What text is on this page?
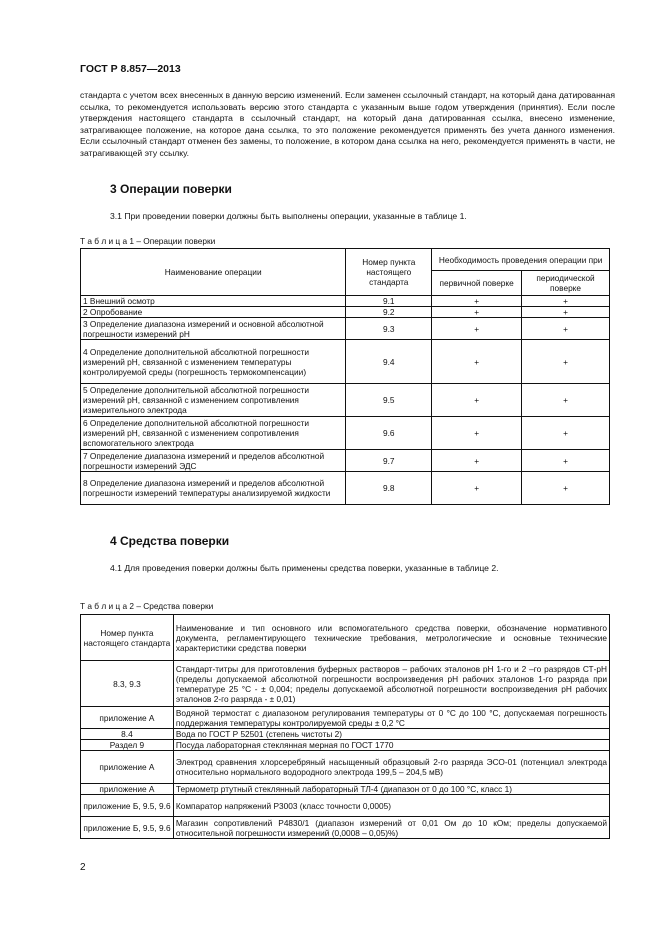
ГОСТ Р 8.857—2013
стандарта с учетом всех внесенных в данную версию изменений. Если заменен ссылочный стандарт, на который дана датированная ссылка, то рекомендуется использовать версию этого стандарта с указанным выше годом утверждения (принятия). Если после утверждения настоящего стандарта в ссылочный стандарт, на который дана датированная ссылка, внесено изменение, затрагивающее положение, на которое дана ссылка, то это положение рекомендуется применять без учета данного изменения. Если ссылочный стандарт отменен без замены, то положение, в котором дана ссылка на него, рекомендуется применять в части, не затрагивающей эту ссылку.
3 Операции поверки
3.1 При проведении поверки должны быть выполнены операции, указанные в таблице 1.
Т а б л и ц а 1 – Операции поверки
Наименование операции	Номер пункта настоящего стандарта	Необходимость проведения операции при	
		первичной поверке	периодической поверке
1 Внешний осмотр	9.1	+	+
2 Опробование	9.2	+	+
3 Определение диапазона измерений и основной абсолютной погрешности измерений рН	9.3	+	+
4 Определение дополнительной абсолютной погрешности измерений рН, связанной с изменением температуры контролируемой среды (погрешность термокомпенсации)	9.4	+	+
5 Определение дополнительной абсолютной погрешности измерений рН, связанной с изменением сопротивления измерительного электрода	9.5	+	+
6 Определение дополнительной абсолютной погрешности измерений рН, связанной с изменением сопротивления вспомогательного электрода	9.6	+	+
7 Определение диапазона измерений и пределов абсолютной погрешности измерений ЭДС	9.7	+	+
8 Определение диапазона измерений и пределов абсолютной погрешности измерений температуры анализируемой жидкости	9.8	+	+
4 Средства поверки
4.1 Для проведения поверки должны быть применены средства поверки, указанные в таблице 2.
Т а б л и ц а 2 – Средства поверки
Номер пункта настоящего стандарта	Наименование и тип основного или вспомогательного средства поверки, обозначение нормативного документа, регламентирующего технические требования, метрологические и основные технические характеристики средства поверки
8.3, 9.3	Стандарт-титры для приготовления буферных растворов – рабочих эталонов рН 1-го и 2 –го разрядов СТ-рН (пределы допускаемой абсолютной погрешности воспроизведения рН рабочих эталонов 1-го разряда при температуре 25 °С - ± 0,004; пределы допускаемой абсолютной погрешности воспроизведения рН рабочих эталонов 2-го разряда - ± 0,01)
приложение А	Водяной термостат с диапазоном регулирования температуры от 0 °С до 100 °С, допускаемая погрешность поддержания температуры контролируемой среды ± 0,2 °С
8.4	Вода по ГОСТ Р 52501 (степень чистоты 2)
Раздел 9	Посуда лабораторная стеклянная мерная по ГОСТ 1770
приложение А	Электрод сравнения хлорсеребряный насыщенный образцовый 2-го разряда ЭСО-01 (потенциал электрода относительно нормального водородного электрода 199,5 – 204,5 мВ)
приложение А	Термометр ртутный стеклянный лабораторный ТЛ-4 (диапазон от 0 до 100 °С, класс 1)
приложение Б, 9.5, 9.6	Компаратор напряжений Р3003 (класс точности 0,0005)
приложение Б, 9.5, 9.6	Магазин сопротивлений Р4830/1 (диапазон измерений от 0,01 Ом до 10 кОм; пределы допускаемой относительной погрешности измерений (0,0008 – 0,05)%)
2
